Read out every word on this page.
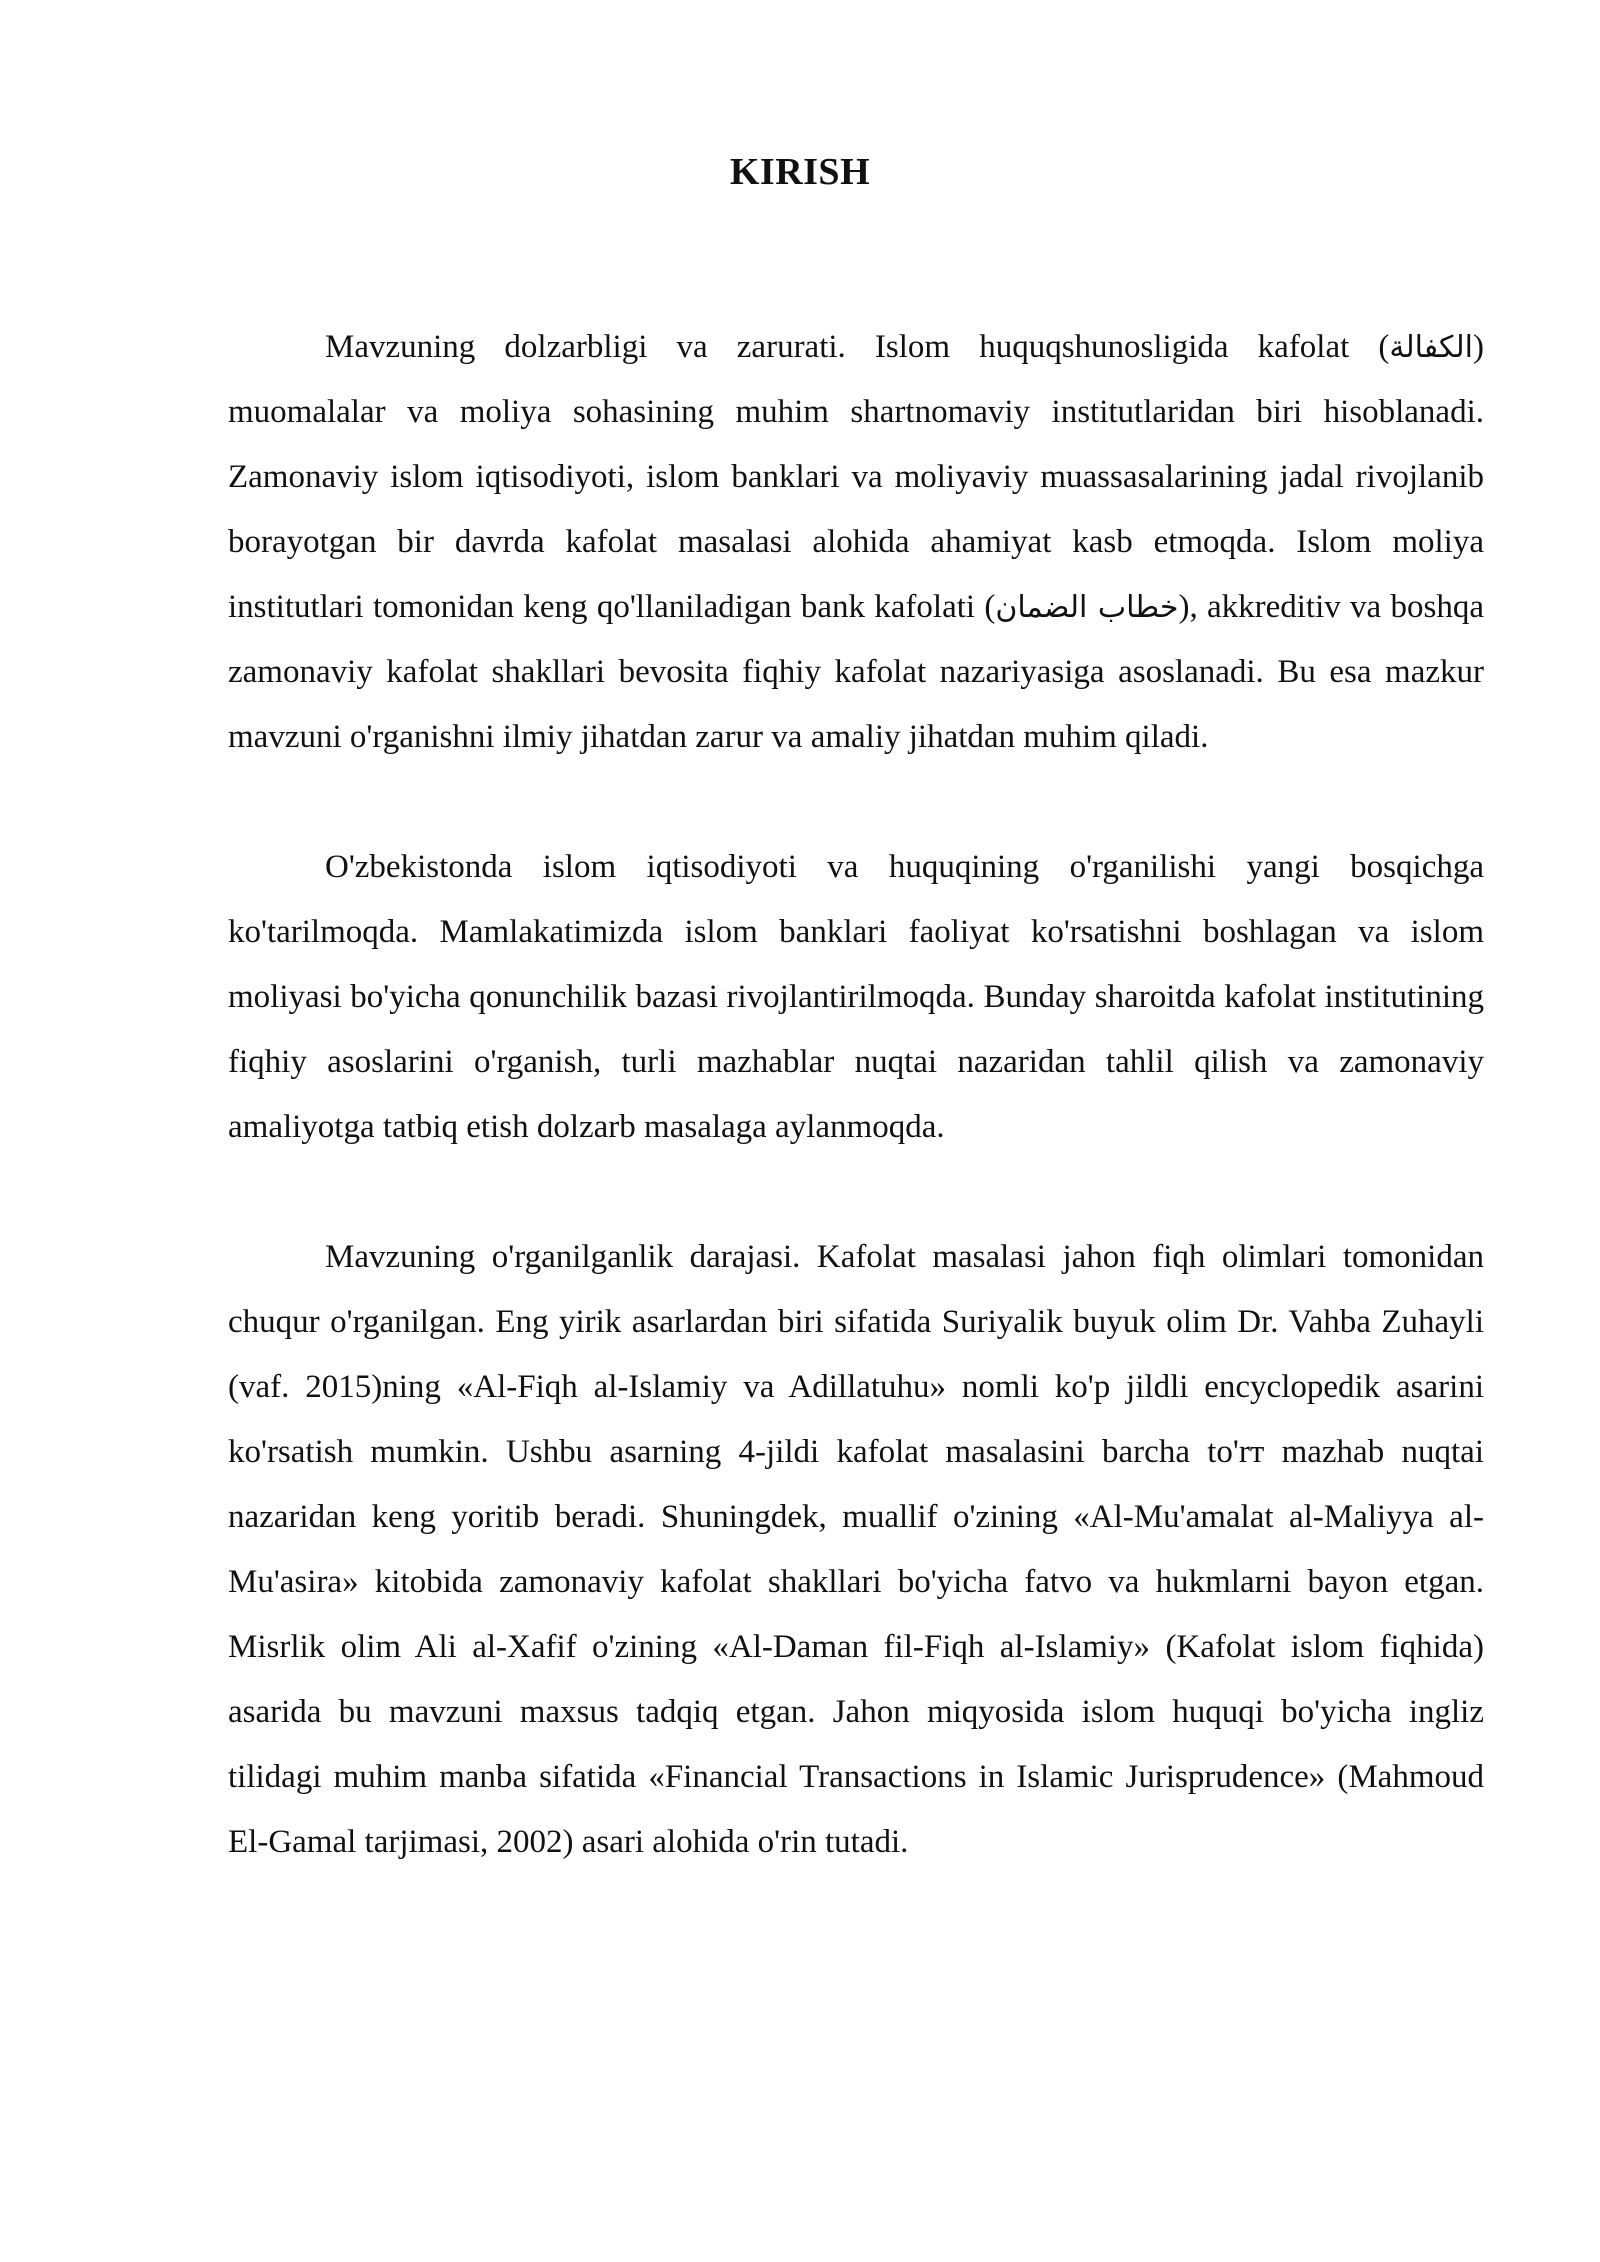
KIRISH

Mavzuning dolzarbligi va zarurati. Islom huquqshunosligida kafolat (الكفالة) muomalalar va moliya sohasining muhim shartnomaviy institutlaridan biri hisoblanadi. Zamonaviy islom iqtisodiyoti, islom banklari va moliyaviy muassasalarining jadal rivojlanib borayotgan bir davrda kafolat masalasi alohida ahamiyat kasb etmoqda. Islom moliya institutlari tomonidan keng qo'llaniladigan bank kafolati (خطاب الضمان), akkreditiv va boshqa zamonaviy kafolat shakllari bevosita fiqhiy kafolat nazariyasiga asoslanadi. Bu esa mazkur mavzuni o'rganishni ilmiy jihatdan zarur va amaliy jihatdan muhim qiladi.

O'zbekistonda islom iqtisodiyoti va huquqining o'rganilishi yangi bosqichga ko'tarilmoqda. Mamlakatimizda islom banklari faoliyat ko'rsatishni boshlagan va islom moliyasi bo'yicha qonunchilik bazasi rivojlantirilmoqda. Bunday sharoitda kafolat institutining fiqhiy asoslarini o'rganish, turli mazhablar nuqtai nazaridan tahlil qilish va zamonaviy amaliyotga tatbiq etish dolzarb masalaga aylanmoqda.

Mavzuning o'rganilganlik darajasi. Kafolat masalasi jahon fiqh olimlari tomonidan chuqur o'rganilgan. Eng yirik asarlardan biri sifatida Suriyalik buyuk olim Dr. Vahba Zuhayli (vaf. 2015)ning «Al-Fiqh al-Islamiy va Adillatuhu» nomli ko'p jildli encyclopedik asarini ko'rsatish mumkin. Ushbu asarning 4-jildi kafolat masalasini barcha to'rт mazhab nuqtai nazaridan keng yoritib beradi. Shuningdek, muallif o'zining «Al-Mu'amalat al-Maliyya al-Mu'asira» kitobida zamonaviy kafolat shakllari bo'yicha fatvo va hukmlarni bayon etgan. Misrlik olim Ali al-Xafif o'zining «Al-Daman fil-Fiqh al-Islamiy» (Kafolat islom fiqhida) asarida bu mavzuni maxsus tadqiq etgan. Jahon miqyosida islom huquqi bo'yicha ingliz tilidagi muhim manba sifatida «Financial Transactions in Islamic Jurisprudence» (Mahmoud El-Gamal tarjimasi, 2002) asari alohida o'rin tutadi.
